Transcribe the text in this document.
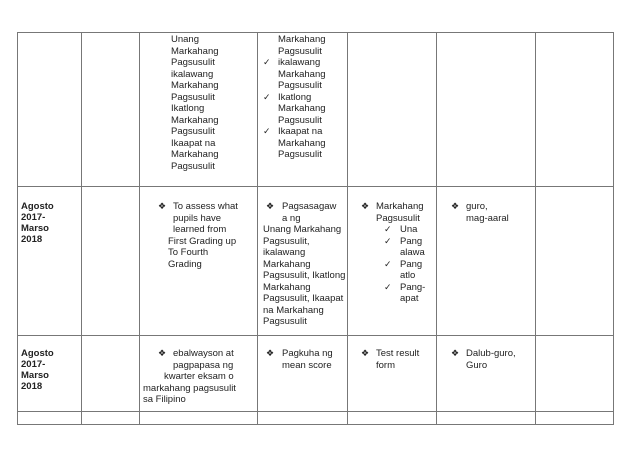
Unang
Markahang
Pagsusulit
ikalawang
Markahang
Pagsusulit
Ikatlong
Markahang
Pagsusulit
Ikaapat na
Markahang
Pagsusulit
Markahang
Pagsusulit
✓ ikalawang
Markahang
Pagsusulit
✓ Ikatlong
Markahang
Pagsusulit
✓ Ikaapat na
Markahang
Pagsusulit
Agosto
2017-
Marso
2018
❖ To assess what
pupils have
learned from
First Grading up
To Fourth
Grading
❖ Pagsasagaw
a ng
Unang Markahang
Pagsusulit,
ikalawang
Markahang
Pagsusulit, Ikatlong
Markahang
Pagsusulit, Ikaapat
na Markahang
Pagsusulit
❖ Markahang
Pagsusulit
✓ Una
✓ Pang
alawa
✓ Pang
atlo
✓ Pang-
apat
❖ guro,
mag-aaral
Agosto
2017-
Marso
2018
❖ ebalwayson at
pagpapasa ng
kwarter eksam o
markahang pagsusulit
sa Filipino
❖ Pagkuha ng
mean score
❖ Test result
form
❖ Dalub-guro,
Guro
